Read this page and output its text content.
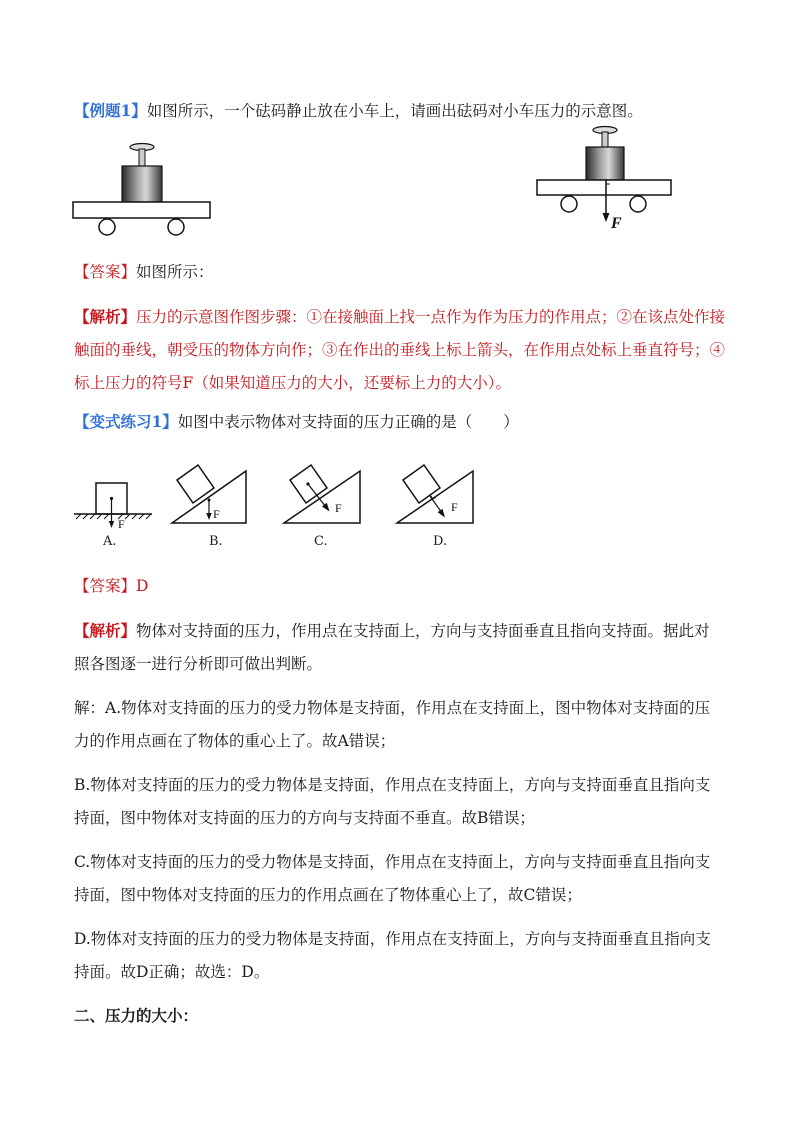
【例题1】如图所示，一个砝码静止放在小车上，请画出砝码对小车压力的示意图。
F
【答案】如图所示：
【解析】压力的示意图作图步骤：①在接触面上找一点作为作为压力的作用点；②在该点处作接
触面的垂线，朝受压的物体方向作；③在作出的垂线上标上箭头，在作用点处标上垂直符号；④
标上压力的符号F（如果知道压力的大小，还要标上力的大小）。
【变式练习1】如图中表示物体对支持面的压力正确的是（　　）
F
F	F	F
A.	B.	C.	D.
【答案】D
【解析】物体对支持面的压力，作用点在支持面上，方向与支持面垂直且指向支持面。据此对
照各图逐一进行分析即可做出判断。
解：A.物体对支持面的压力的受力物体是支持面，作用点在支持面上，图中物体对支持面的压
力的作用点画在了物体的重心上了。故A错误；
B.物体对支持面的压力的受力物体是支持面，作用点在支持面上，方向与支持面垂直且指向支
持面，图中物体对支持面的压力的方向与支持面不垂直。故B错误；
C.物体对支持面的压力的受力物体是支持面，作用点在支持面上，方向与支持面垂直且指向支
持面，图中物体对支持面的压力的作用点画在了物体重心上了，故C错误；
D.物体对支持面的压力的受力物体是支持面，作用点在支持面上，方向与支持面垂直且指向支
持面。故D正确；故选：D。
二、压力的大小：
